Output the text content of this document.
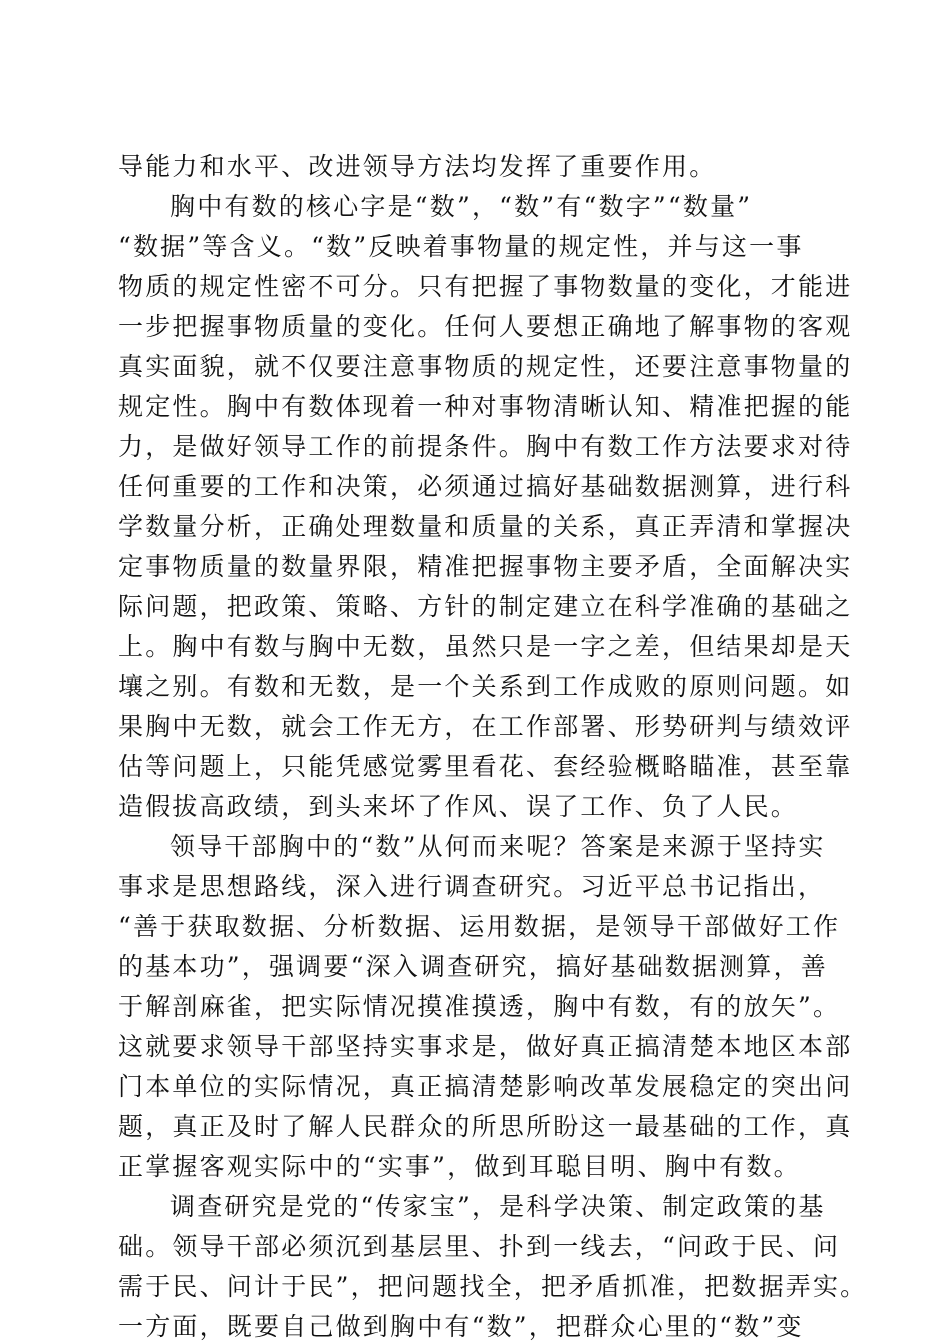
导能力和水平、改进领导方法均发挥了重要作用。

胸中有数的核心字是“数”，“数”有“数字”“数量”

“数据”等含义。“数”反映着事物量的规定性，并与这一事

物质的规定性密不可分。只有把握了事物数量的变化，才能进

一步把握事物质量的变化。任何人要想正确地了解事物的客观

真实面貌，就不仅要注意事物质的规定性，还要注意事物量的

规定性。胸中有数体现着一种对事物清晰认知、精准把握的能

力，是做好领导工作的前提条件。胸中有数工作方法要求对待

任何重要的工作和决策，必须通过搞好基础数据测算，进行科

学数量分析，正确处理数量和质量的关系，真正弄清和掌握决

定事物质量的数量界限，精准把握事物主要矛盾，全面解决实

际问题，把政策、策略、方针的制定建立在科学准确的基础之

上。胸中有数与胸中无数，虽然只是一字之差，但结果却是天

壤之别。有数和无数，是一个关系到工作成败的原则问题。如

果胸中无数，就会工作无方，在工作部署、形势研判与绩效评

估等问题上，只能凭感觉雾里看花、套经验概略瞄准，甚至靠

造假拔高政绩，到头来坏了作风、误了工作、负了人民。

领导干部胸中的“数”从何而来呢？答案是来源于坚持实

事求是思想路线，深入进行调查研究。习近平总书记指出，

“善于获取数据、分析数据、运用数据，是领导干部做好工作

的基本功”，强调要“深入调查研究，搞好基础数据测算，善

于解剖麻雀，把实际情况摸准摸透，胸中有数，有的放矢”。

这就要求领导干部坚持实事求是，做好真正搞清楚本地区本部

门本单位的实际情况，真正搞清楚影响改革发展稳定的突出问

题，真正及时了解人民群众的所思所盼这一最基础的工作，真

正掌握客观实际中的“实事”，做到耳聪目明、胸中有数。

调查研究是党的“传家宝”，是科学决策、制定政策的基

础。领导干部必须沉到基层里、扑到一线去，“问政于民、问

需于民、问计于民”，把问题找全，把矛盾抓准，把数据弄实。

一方面，既要自己做到胸中有“数”，把群众心里的“数”变
